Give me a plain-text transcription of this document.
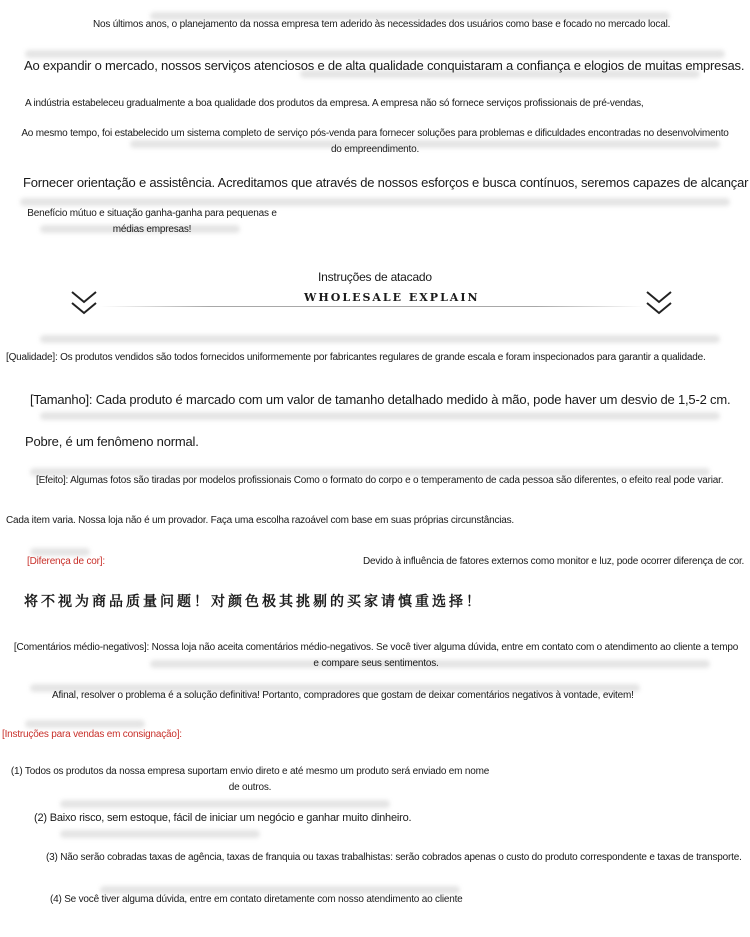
Nos últimos anos, o planejamento da nossa empresa tem aderido às necessidades dos usuários como base e focado no mercado local.
Ao expandir o mercado, nossos serviços atenciosos e de alta qualidade conquistaram a confiança e elogios de muitas empresas.
A indústria estabeleceu gradualmente a boa qualidade dos produtos da empresa. A empresa não só fornece serviços profissionais de pré-vendas,
Ao mesmo tempo, foi estabelecido um sistema completo de serviço pós-venda para fornecer soluções para problemas e dificuldades encontradas no desenvolvimento do empreendimento.
Fornecer orientação e assistência. Acreditamos que através de nossos esforços e busca contínuos, seremos capazes de alcançar
Benefício mútuo e situação ganha-ganha para pequenas e médias empresas!
Instruções de atacado
WHOLESALE EXPLAIN
[Qualidade]: Os produtos vendidos são todos fornecidos uniformemente por fabricantes regulares de grande escala e foram inspecionados para garantir a qualidade.
[Tamanho]: Cada produto é marcado com um valor de tamanho detalhado medido à mão, pode haver um desvio de 1,5-2 cm.
Pobre, é um fenômeno normal.
[Efeito]: Algumas fotos são tiradas por modelos profissionais Como o formato do corpo e o temperamento de cada pessoa são diferentes, o efeito real pode variar.
Cada item varia. Nossa loja não é um provador. Faça uma escolha razoável com base em suas próprias circunstâncias.
[Diferença de cor]:	Devido à influência de fatores externos como monitor e luz, pode ocorrer diferença de cor.
将不视为商品质量问题！对颜色极其挑剔的买家请慎重选择！
[Comentários médio-negativos]: Nossa loja não aceita comentários médio-negativos. Se você tiver alguma dúvida, entre em contato com o atendimento ao cliente a tempo e compare seus sentimentos.
Afinal, resolver o problema é a solução definitiva! Portanto, compradores que gostam de deixar comentários negativos à vontade, evitem!
[Instruções para vendas em consignação]:
(1) Todos os produtos da nossa empresa suportam envio direto e até mesmo um produto será enviado em nome de outros.
(2) Baixo risco, sem estoque, fácil de iniciar um negócio e ganhar muito dinheiro.
(3) Não serão cobradas taxas de agência, taxas de franquia ou taxas trabalhistas: serão cobrados apenas o custo do produto correspondente e taxas de transporte.
(4) Se você tiver alguma dúvida, entre em contato diretamente com nosso atendimento ao cliente
